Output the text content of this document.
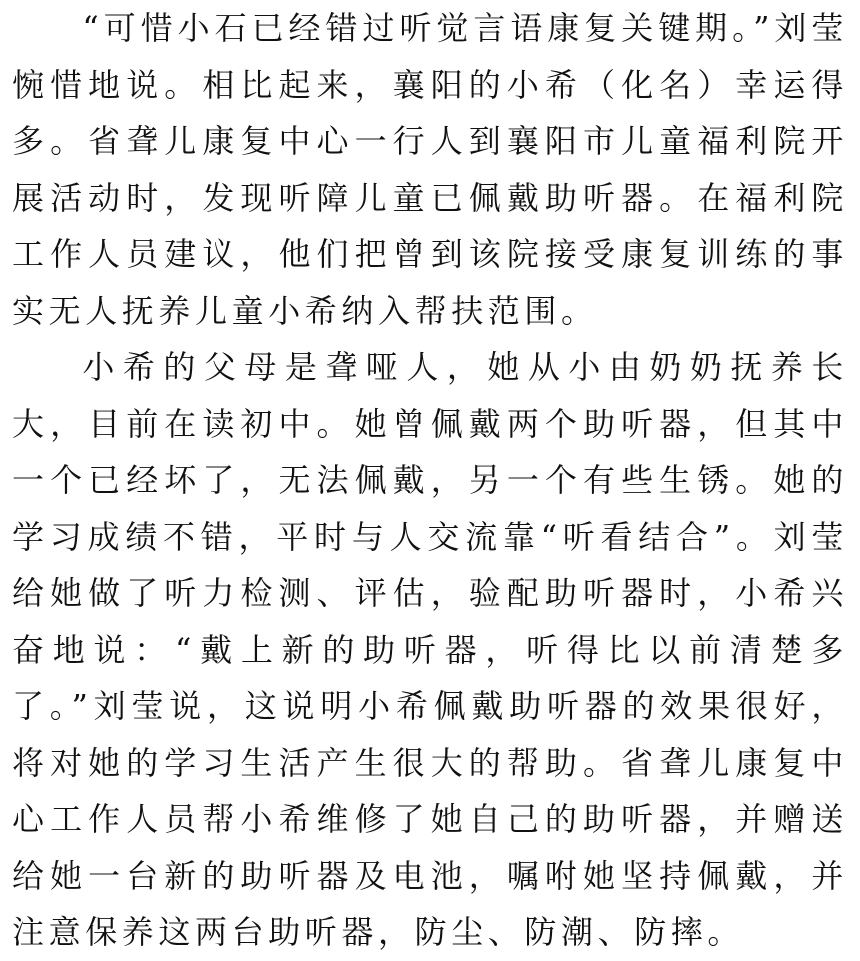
“可惜小石已经错过听觉言语康复关键期。”刘莹惋惜地说。相比起来，襄阳的小希（化名）幸运得多。省聋儿康复中心一行人到襄阳市儿童福利院开展活动时，发现听障儿童已佩戴助听器。在福利院工作人员建议，他们把曾到该院接受康复训练的事实无人抚养儿童小希纳入帮扶范围。

小希的父母是聋哑人，她从小由奶奶抚养长大，目前在读初中。她曾佩戴两个助听器，但其中一个已经坏了，无法佩戴，另一个有些生锈。她的学习成绩不错，平时与人交流靠“听看结合”。刘莹给她做了听力检测、评估，验配助听器时，小希兴奋地说：“戴上新的助听器，听得比以前清楚多了。”刘莹说，这说明小希佩戴助听器的效果很好，将对她的学习生活产生很大的帮助。省聋儿康复中心工作人员帮小希维修了她自己的助听器，并赠送给她一台新的助听器及电池，嘱咐她坚持佩戴，并注意保养这两台助听器，防尘、防潮、防摔。
